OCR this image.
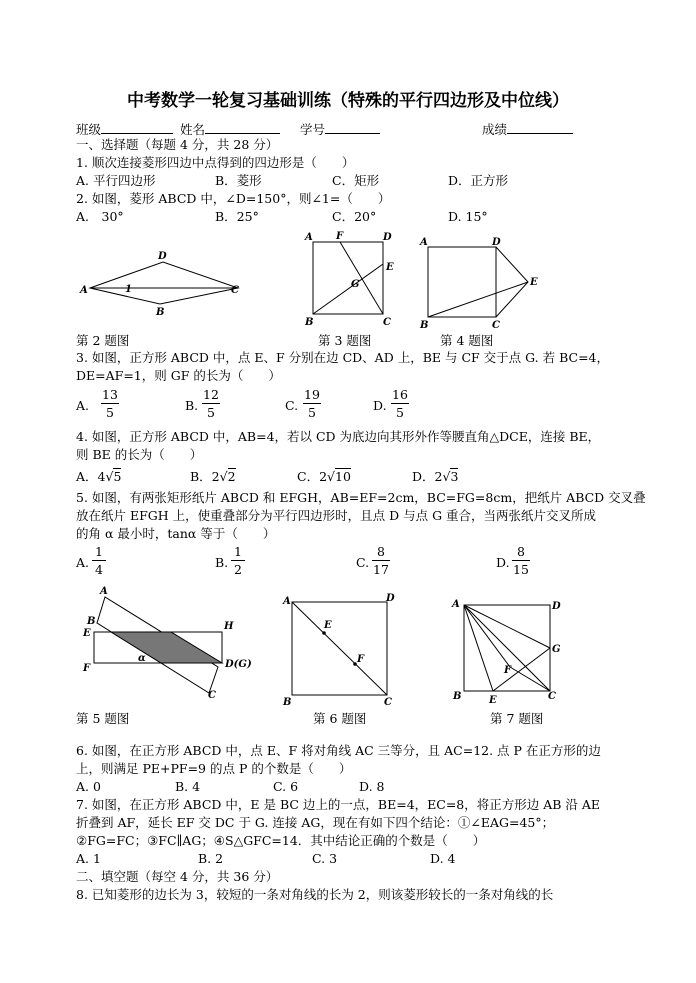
中考数学一轮复习基础训练（特殊的平行四边形及中位线）
班级	姓名	学号	成绩
一、选择题（每题 4 分，共 28 分）
1. 顺次连接菱形四边中点得到的四边形是（　　）
A. 平行四边形	B．菱形	C．矩形	D．正方形
2. 如图，菱形 ABCD 中，∠D=150°，则∠1=（　　）
A.　30°	B．25°	C．20°	D. 15°
D
A	1	C
B
A F	D
E
G
B	C
A	D
E
B	C
第 2 题图	第 3 题图	第 4 题图
3. 如图，正方形 ABCD 中，点 E、F 分别在边 CD、AD 上，BE 与 CF 交于点 G. 若 BC=4，
DE=AF=1，则 GF 的长为（　　）
A.
13
5	B.
12
5	C.
19
5	D.
16
5
4. 如图，正方形 ABCD 中，AB=4，若以 CD 为底边向其形外作等腰直角△DCE，连接 BE，
则 BE 的长为（　　）
A．4√5	B．2√2	C．2√10	D．2√3
5. 如图，有两张矩形纸片 ABCD 和 EFGH，AB=EF=2cm，BC=FG=8cm，把纸片 ABCD 交叉叠
放在纸片 EFGH 上，使重叠部分为平行四边形时，且点 D 与点 G 重合，当两张纸片交叉所成
的角 α 最小时，tanα 等于（　　）
A.
1
4	B.
1
2	C.
8
17	D.
8
15
A
B
E
H
F
α
D(G)
C
A	D
E
F
B	C
A	D
G
F
B	E	C
第 5 题图	第 6 题图	第 7 题图
6. 如图，在正方形 ABCD 中，点 E、F 将对角线 AC 三等分，且 AC=12. 点 P 在正方形的边
上，则满足 PE+PF=9 的点 P 的个数是（　　）
A. 0	B. 4	C. 6	D. 8
7. 如图，在正方形 ABCD 中，E 是 BC 边上的一点，BE=4，EC=8，将正方形边 AB 沿 AE
折叠到 AF，延长 EF 交 DC 于 G. 连接 AG，现在有如下四个结论：①∠EAG=45°；
②FG=FC；③FC∥AG；④S△GFC=14．其中结论正确的个数是（　　）
A. 1	B. 2	C. 3	D. 4
二、填空题（每空 4 分，共 36 分）
8. 已知菱形的边长为 3，较短的一条对角线的长为 2，则该菱形较长的一条对角线的长
